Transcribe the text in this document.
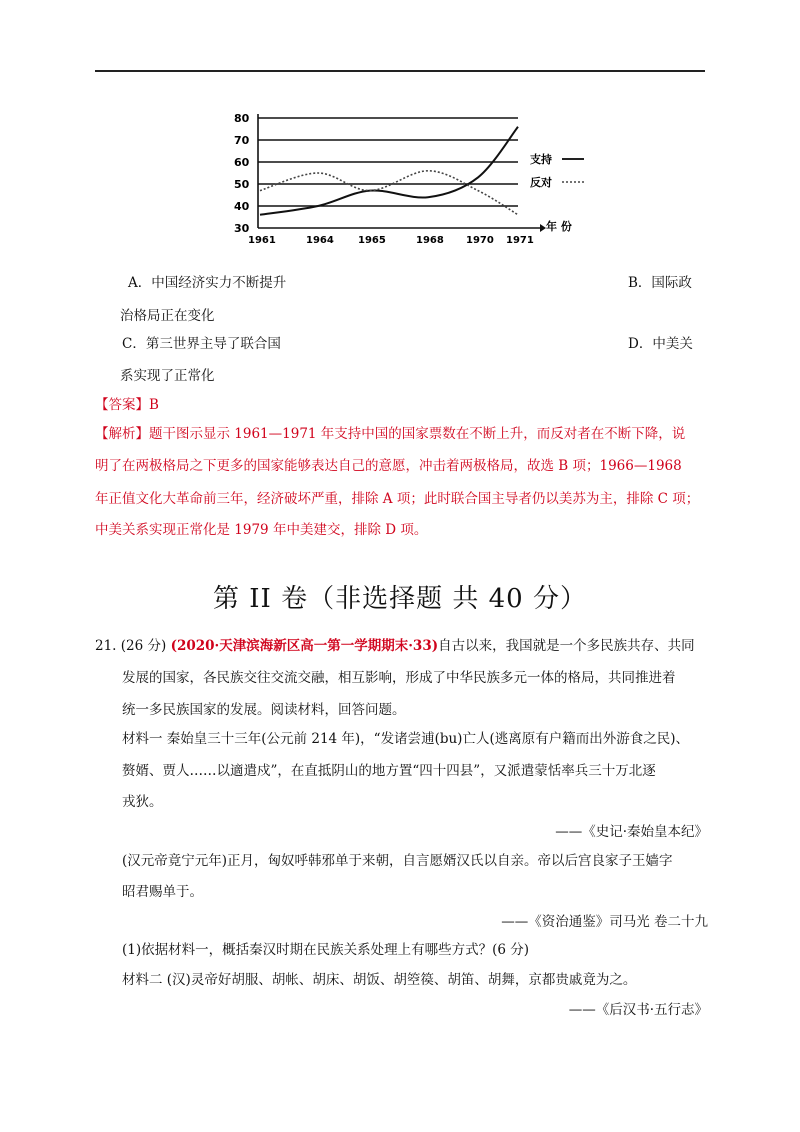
80
70
60
50
40
30
1961	1964 1965	1968 1970 1971
支持
反对
年 份
A．中国经济实力不断提升	B．国际政
治格局正在变化
C．第三世界主导了联合国	D．中美关
系实现了正常化
【答案】B
【解析】题干图示显示 1961—1971 年支持中国的国家票数在不断上升，而反对者在不断下降，说
明了在两极格局之下更多的国家能够表达自己的意愿，冲击着两极格局，故选 B 项；1966—1968
年正值文化大革命前三年，经济破坏严重，排除 A 项；此时联合国主导者仍以美苏为主，排除 C 项；
中美关系实现正常化是 1979 年中美建交，排除 D 项。
第 II 卷（非选择题 共 40 分）
21. (26 分) (2020·天津滨海新区高一第一学期期末·33)自古以来，我国就是一个多民族共存、共同
发展的国家，各民族交往交流交融，相互影响，形成了中华民族多元一体的格局，共同推进着
统一多民族国家的发展。阅读材料，回答问题。
材料一 秦始皇三十三年(公元前 214 年)，“发诸尝逋(bu)亡人(逃离原有户籍而出外游食之民)、
赘婿、贾人……以適遣戍”，在直抵阴山的地方置“四十四县”，又派遣蒙恬率兵三十万北逐
戎狄。
——《史记·秦始皇本纪》
(汉元帝竟宁元年)正月，匈奴呼韩邪单于来朝，自言愿婿汉氏以自亲。帝以后宫良家子王嫱字
昭君赐单于。
——《资治通鉴》司马光 卷二十九
(1)依据材料一，概括秦汉时期在民族关系处理上有哪些方式？(6 分)
材料二 (汉)灵帝好胡服、胡帐、胡床、胡饭、胡箜篌、胡笛、胡舞，京都贵戚竟为之。
——《后汉书·五行志》
